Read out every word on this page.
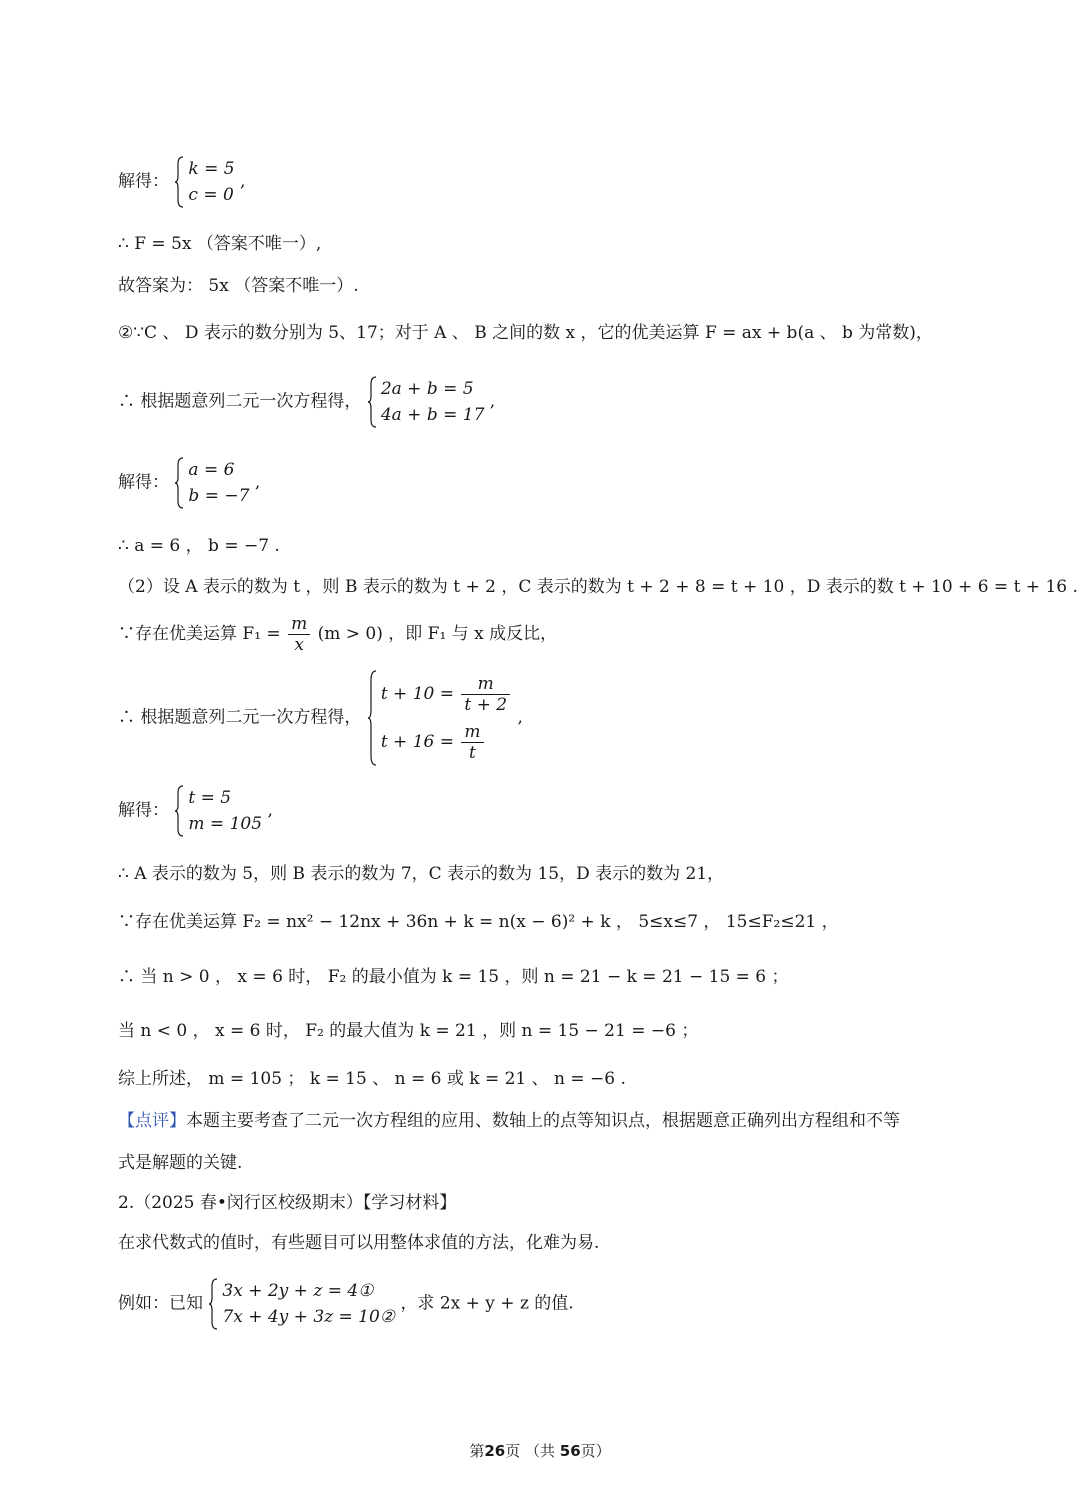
解得：
k = 5
c = 0
,
∴ F = 5x （答案不唯一）,
故答案为： 5x （答案不唯一）.
②∵C 、 D 表示的数分别为 5、17；对于 A 、 B 之间的数 x ，它的优美运算 F = ax + b(a 、 b 为常数)，
∴ 根据题意列二元一次方程得，
2a + b = 5
4a + b = 17
,
解得：
a = 6
b = −7
,
∴ a = 6 ， b = −7 .
（2）设 A 表示的数为 t ，则 B 表示的数为 t + 2 ，C 表示的数为 t + 2 + 8 = t + 10 ，D 表示的数 t + 10 + 6 = t + 16 .
∵存在优美运算 $F_1 = \frac{m}{x} (m > 0)$ ，即 F₁ 与 x 成反比，
∴ 根据题意列二元一次方程得，
$t + 10 = \frac{m}{t + 2}$
$t + 16 = \frac{m}{t}$
,
解得：
t = 5
m = 105
,
∴ A 表示的数为 5，则 B 表示的数为 7，C 表示的数为 15，D 表示的数为 21，
∵存在优美运算 F₂ = nx² − 12nx + 36n + k = n(x − 6)² + k ， 5≤x≤7 ， 15≤F₂≤21 ，
∴ 当 n > 0 ， x = 6 时， F₂ 的最小值为 k = 15 ，则 n = 21 − k = 21 − 15 = 6 ；
当 n < 0 ， x = 6 时， F₂ 的最大值为 k = 21 ，则 n = 15 − 21 = −6 ；
综上所述， m = 105 ； k = 15 、 n = 6 或 k = 21 、 n = −6 .
【点评】本题主要考查了二元一次方程组的应用、数轴上的点等知识点，根据题意正确列出方程组和不等
式是解题的关键.
2.（2025 春•闵行区校级期末）【学习材料】
在求代数式的值时，有些题目可以用整体求值的方法，化难为易.
例如：已知
3x + 2y + z = 4①
7x + 4y + 3z = 10②
，求 2x + y + z 的值.
第26页 （共 56页）
